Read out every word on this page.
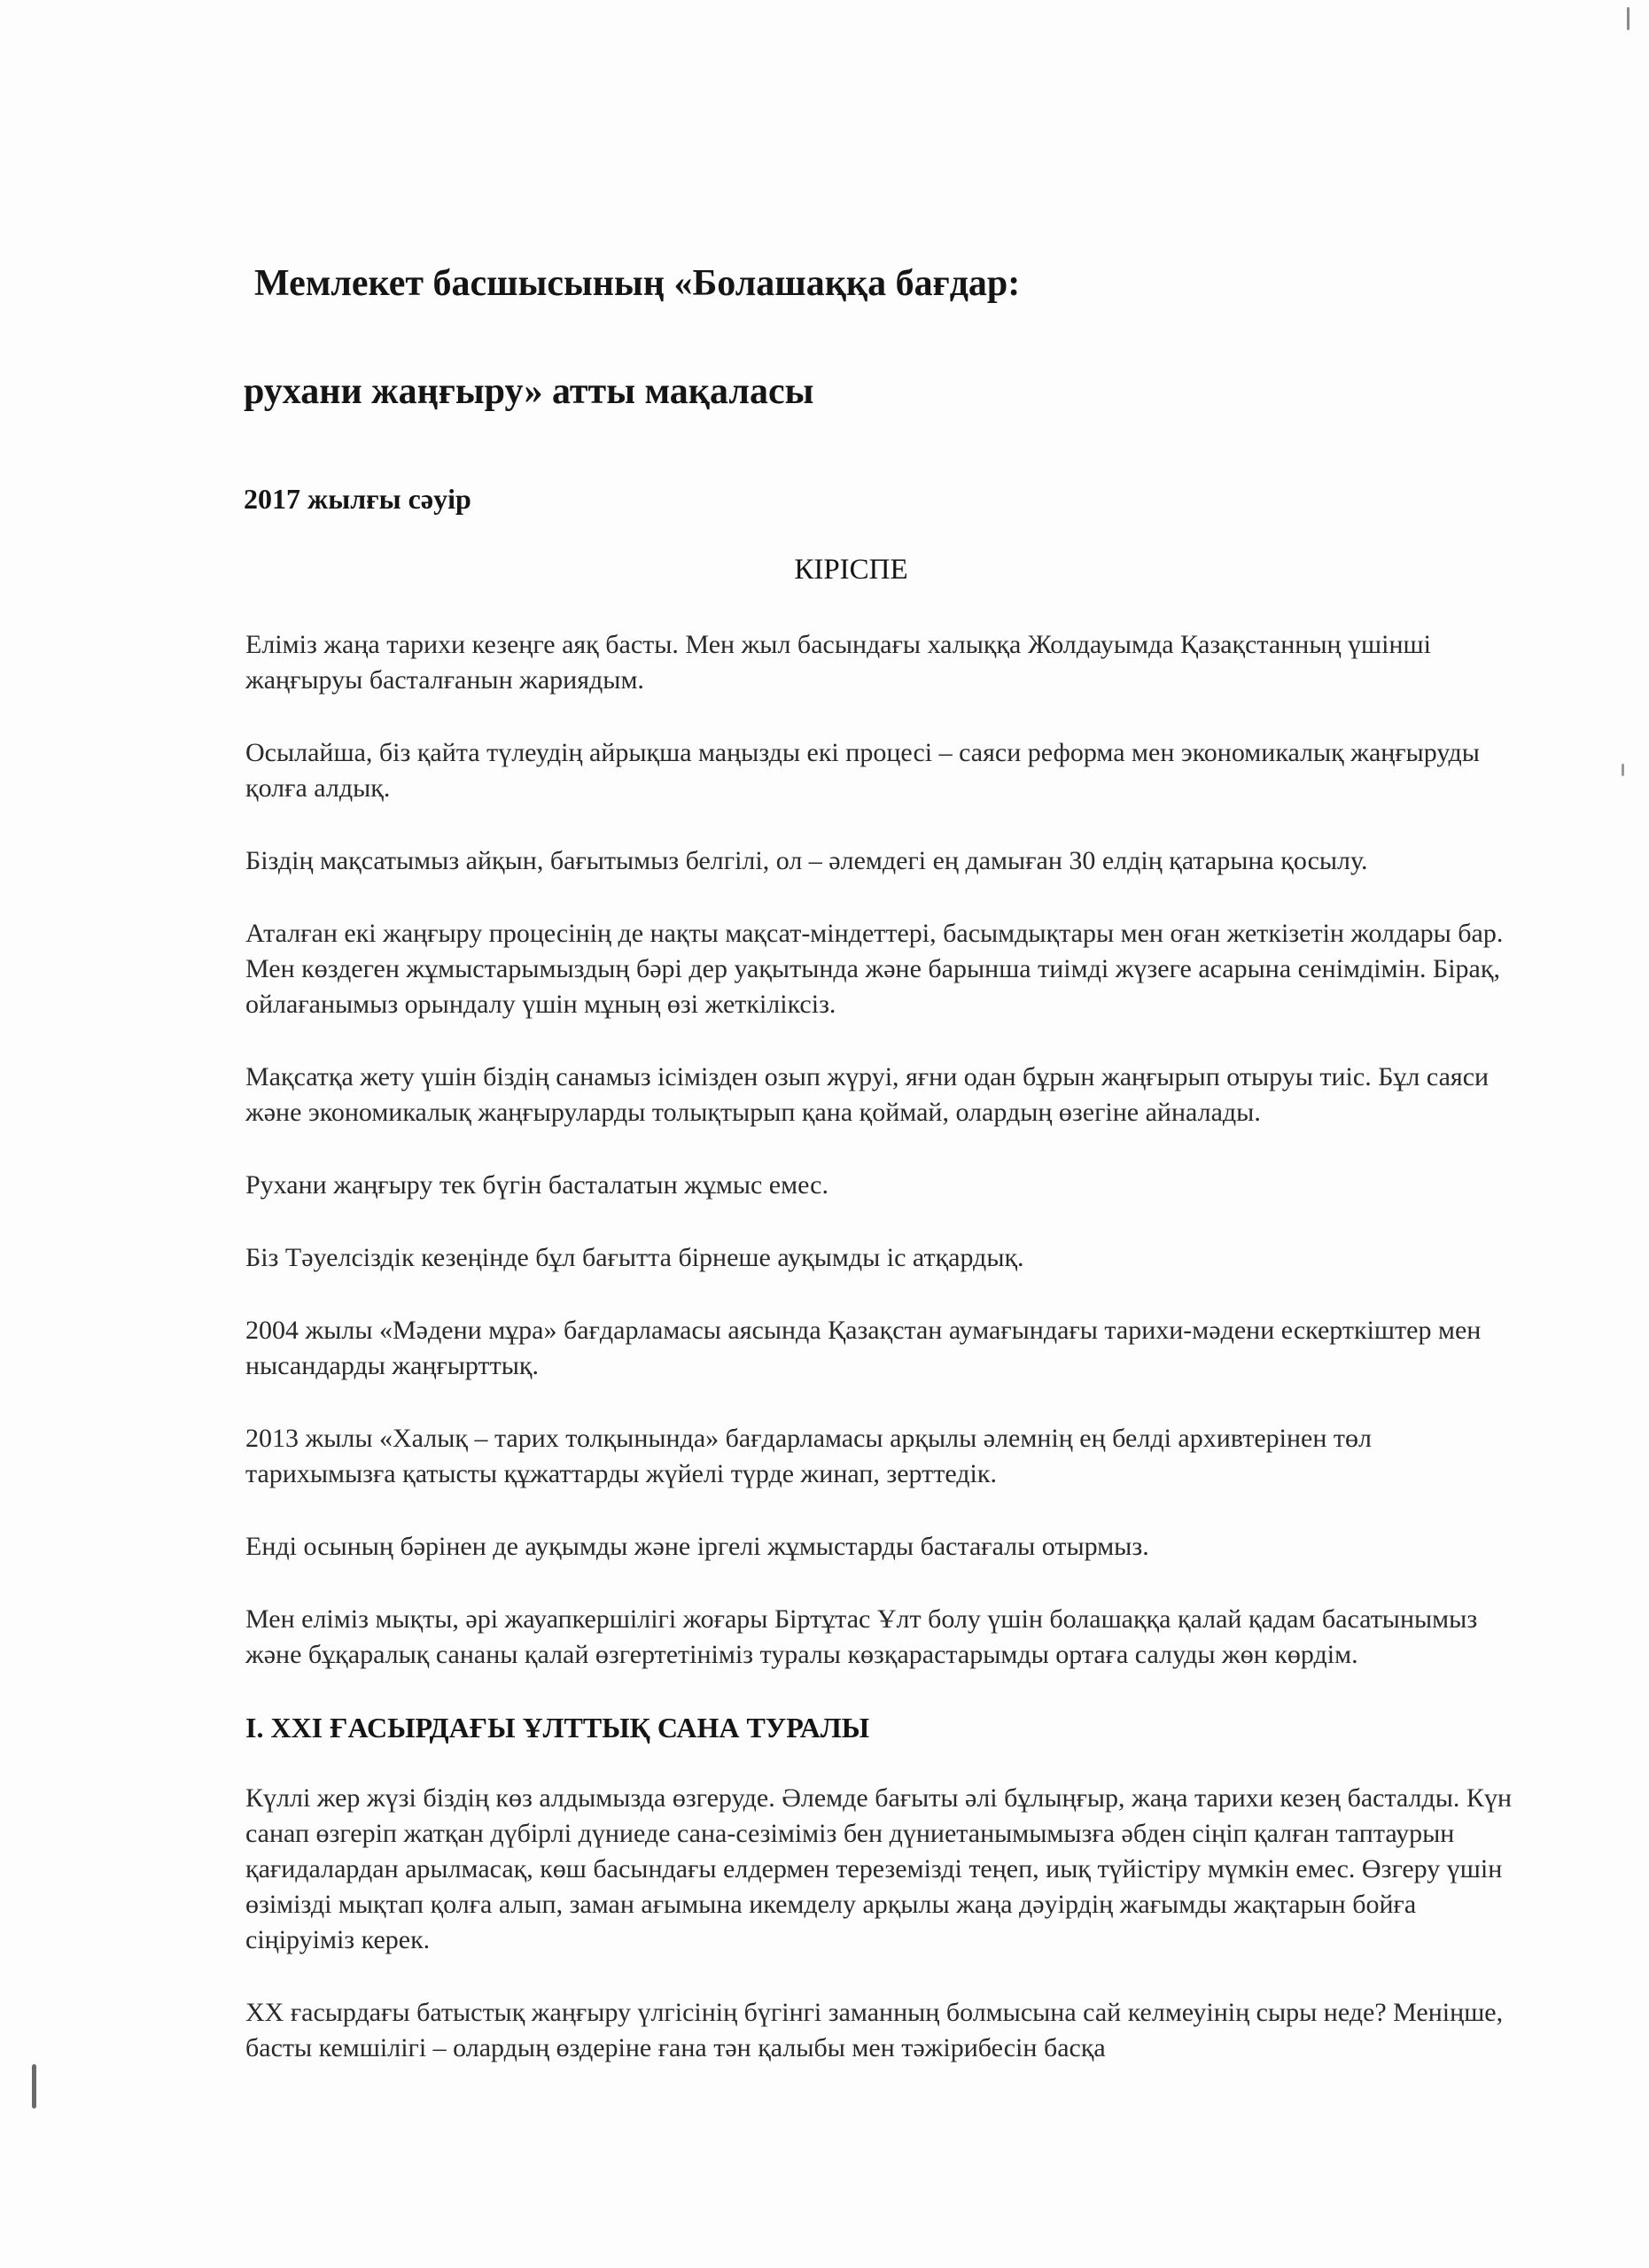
Мемлекет басшысының «Болашаққа бағдар:
рухани жаңғыру» атты мақаласы
2017 жылғы сәуір
КІРІСПЕ

Еліміз жаңа тарихи кезеңге аяқ басты. Мен жыл басындағы халыққа Жолдауымда Қазақстанның үшінші жаңғыруы басталғанын жариядым.

Осылайша, біз қайта түлеудің айрықша маңызды екі процесі – саяси реформа мен экономикалық жаңғыруды қолға алдық.

Біздің мақсатымыз айқын, бағытымыз белгілі, ол – әлемдегі ең дамыған 30 елдің қатарына қосылу.

Аталған екі жаңғыру процесінің де нақты мақсат-міндеттері, басымдықтары мен оған жеткізетін жолдары бар. Мен көздеген жұмыстарымыздың бәрі дер уақытында және барынша тиімді жүзеге асарына сенімдімін. Бірақ, ойлағанымыз орындалу үшін мұның өзі жеткіліксіз.

Мақсатқа жету үшін біздің санамыз ісімізден озып жүруі, яғни одан бұрын жаңғырып отыруы тиіс. Бұл саяси және экономикалық жаңғыруларды толықтырып қана қоймай, олардың өзегіне айналады.

Рухани жаңғыру тек бүгін басталатын жұмыс емес.

Біз Тәуелсіздік кезеңінде бұл бағытта бірнеше ауқымды іс атқардық.

2004 жылы «Мәдени мұра» бағдарламасы аясында Қазақстан аумағындағы тарихи-мәдени ескерткіштер мен нысандарды жаңғырттық.

2013 жылы «Халық – тарих толқынында» бағдарламасы арқылы әлемнің ең белді архивтерінен төл тарихымызға қатысты құжаттарды жүйелі түрде жинап, зерттедік.

Енді осының бәрінен де ауқымды және іргелі жұмыстарды бастағалы отырмыз.

Мен еліміз мықты, әрі жауапкершілігі жоғары Біртұтас Ұлт болу үшін болашаққа қалай қадам басатынымыз және бұқаралық сананы қалай өзгертетініміз туралы көзқарастарымды ортаға салуды жөн көрдім.

І. XXI ҒАСЫРДАҒЫ ҰЛТТЫҚ САНА ТУРАЛЫ

Күллі жер жүзі біздің көз алдымызда өзгеруде. Әлемде бағыты әлі бұлыңғыр, жаңа тарихи кезең басталды. Күн санап өзгеріп жатқан дүбірлі дүниеде сана-сезіміміз бен дүниетанымымызға әбден сіңіп қалған таптаурын қағидалардан арылмасақ, көш басындағы елдермен тереземіздi теңеп, иық түйістіру мүмкін емес. Өзгеру үшін өзімізді мықтап қолға алып, заман ағымына икемделу арқылы жаңа дәуірдің жағымды жақтарын бойға сіңіруіміз керек.

XX ғасырдағы батыстық жаңғыру үлгісінің бүгінгі заманның болмысына сай келмеуінің сыры неде? Меніңше, басты кемшілігі – олардың өздеріне ғана тән қалыбы мен тәжірибесін басқа
